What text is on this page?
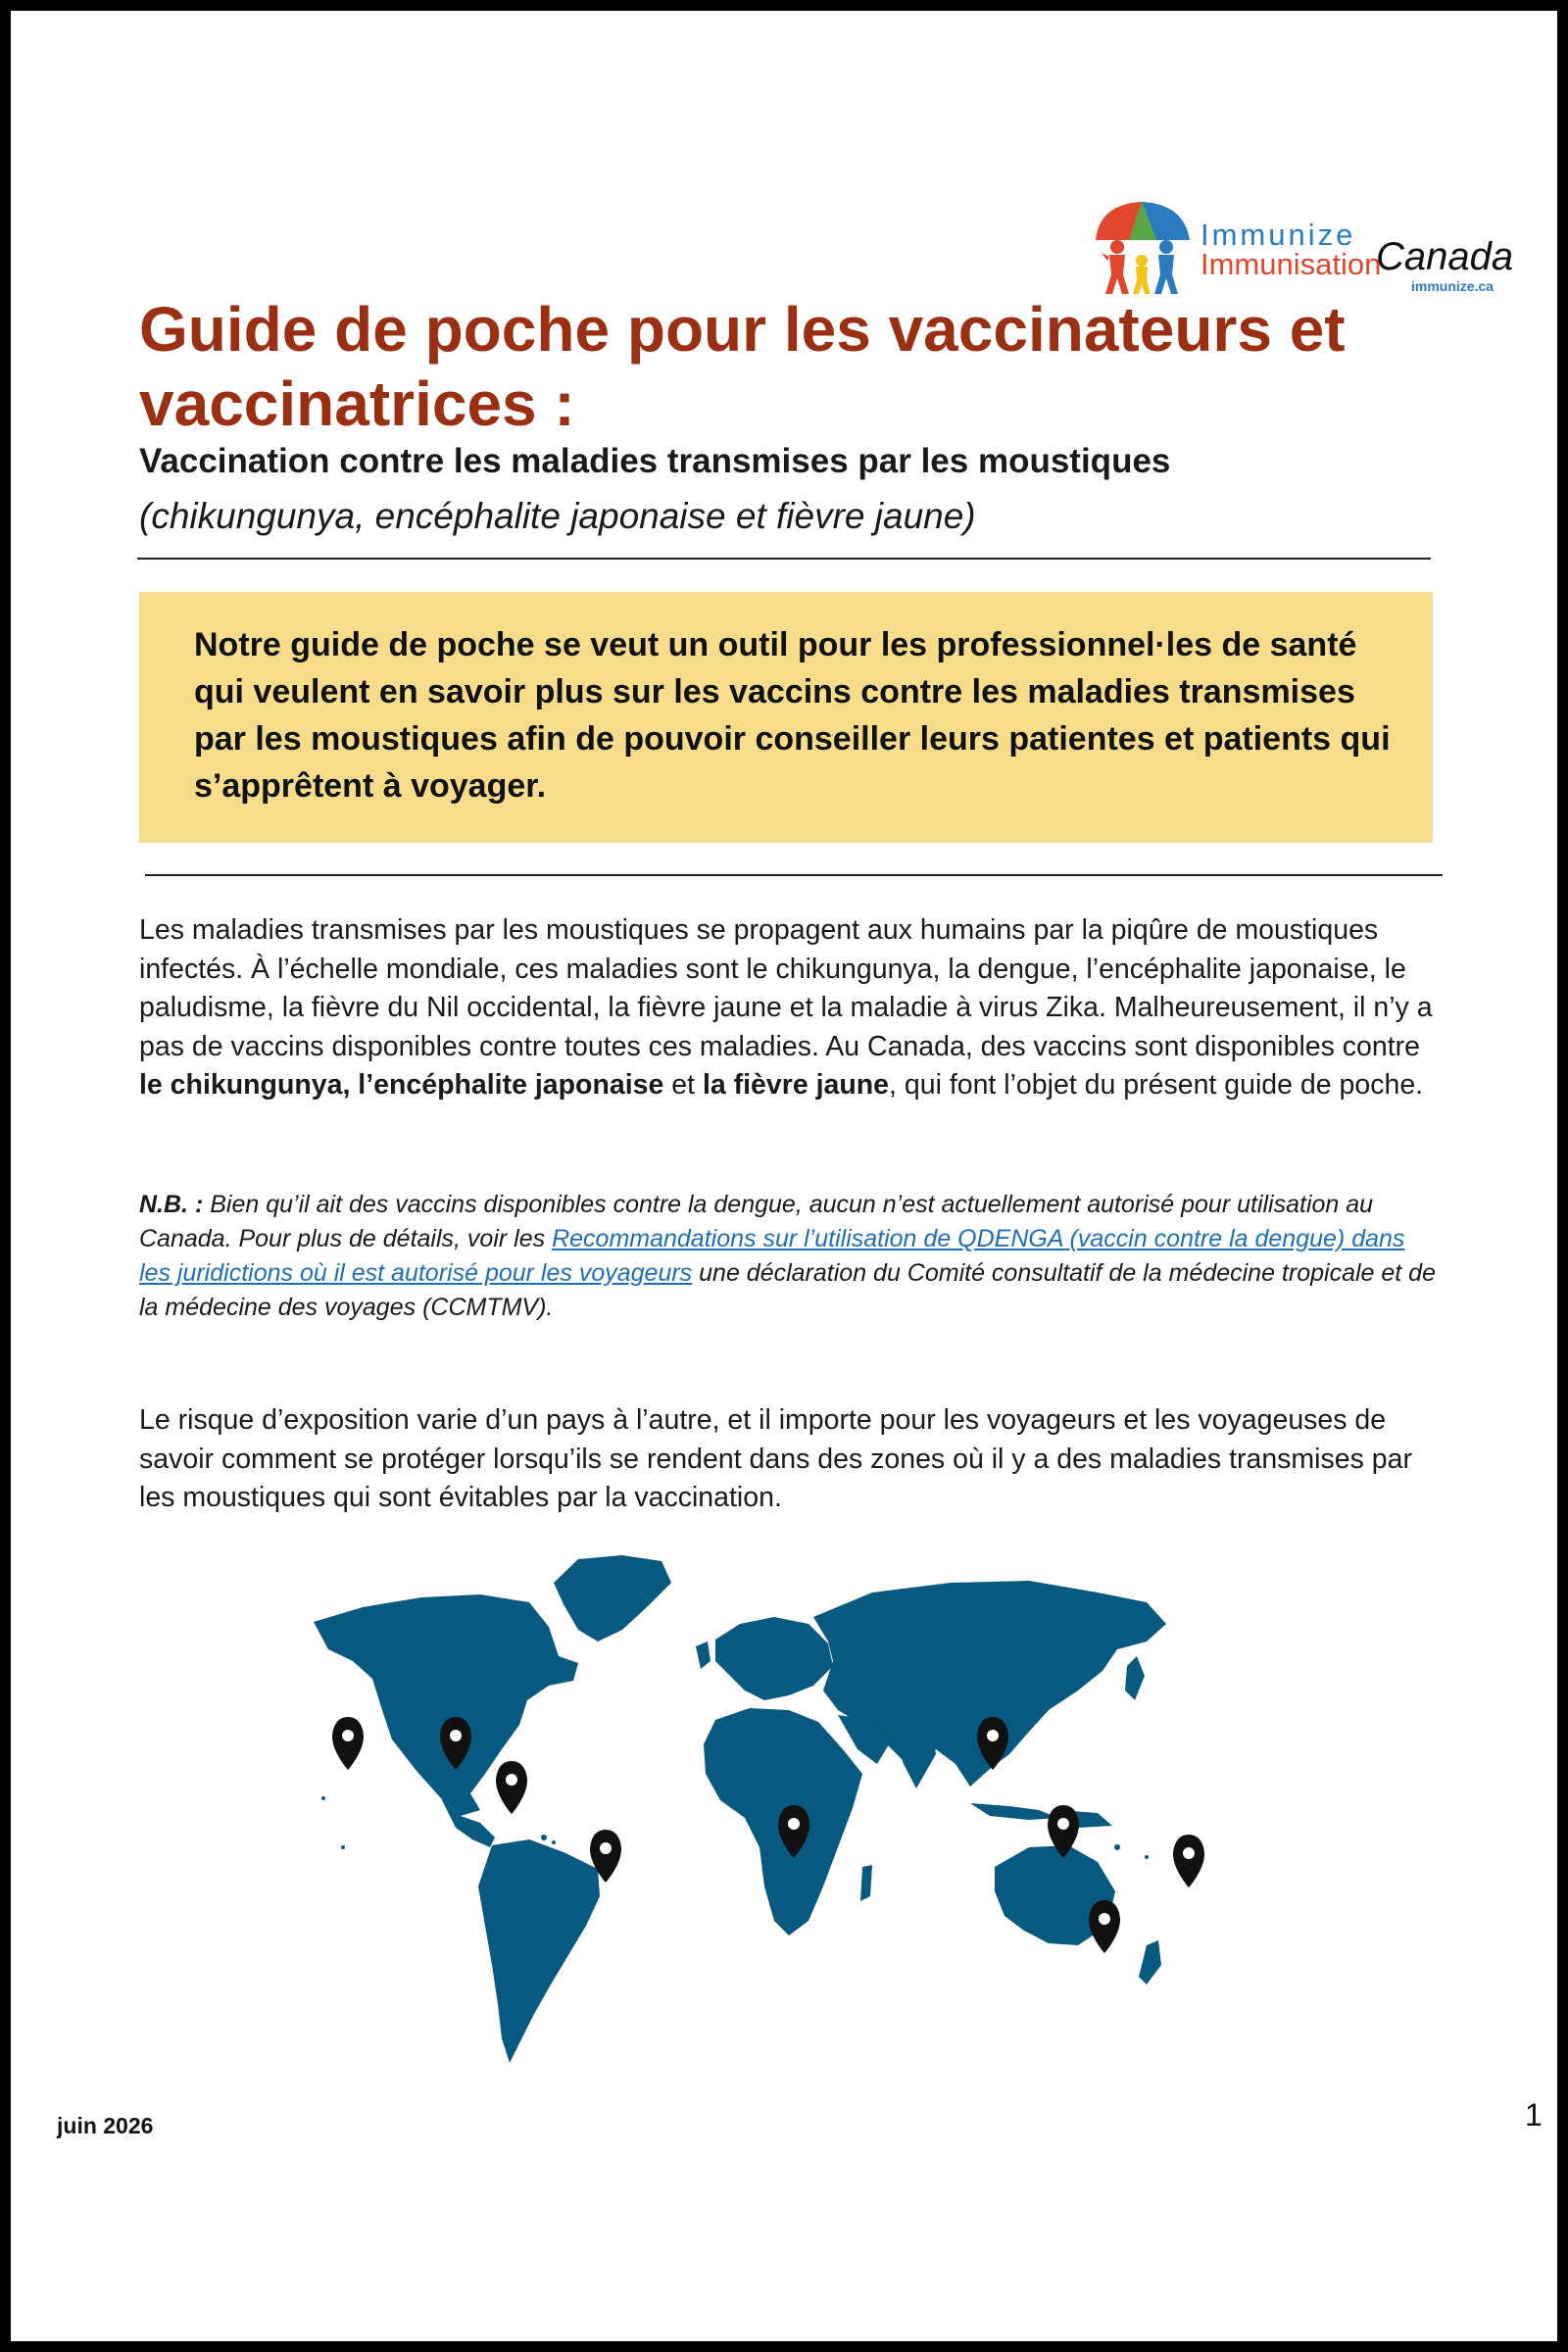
Immunize
Immunisation
Canada
immunize.ca
Guide de poche pour les vaccinateurs et vaccinatrices :
Vaccination contre les maladies transmises par les moustiques
(chikungunya, encéphalite japonaise et fièvre jaune)
Notre guide de poche se veut un outil pour les professionnel·les de santé qui veulent en savoir plus sur les vaccins contre les maladies transmises par les moustiques afin de pouvoir conseiller leurs patientes et patients qui s’apprêtent à voyager.
Les maladies transmises par les moustiques se propagent aux humains par la piqûre de moustiques infectés. À l’échelle mondiale, ces maladies sont le chikungunya, la dengue, l’encéphalite japonaise, le paludisme, la fièvre du Nil occidental, la fièvre jaune et la maladie à virus Zika. Malheureusement, il n’y a pas de vaccins disponibles contre toutes ces maladies. Au Canada, des vaccins sont disponibles contre le chikungunya, l’encéphalite japonaise et la fièvre jaune, qui font l’objet du présent guide de poche.
N.B. : Bien qu’il ait des vaccins disponibles contre la dengue, aucun n’est actuellement autorisé pour utilisation au Canada. Pour plus de détails, voir les Recommandations sur l’utilisation de QDENGA (vaccin contre la dengue) dans les juridictions où il est autorisé pour les voyageurs une déclaration du Comité consultatif de la médecine tropicale et de la médecine des voyages (CCMTMV).
Le risque d’exposition varie d’un pays à l’autre, et il importe pour les voyageurs et les voyageuses de savoir comment se protéger lorsqu’ils se rendent dans des zones où il y a des maladies transmises par les moustiques qui sont évitables par la vaccination.
juin 2026	1
